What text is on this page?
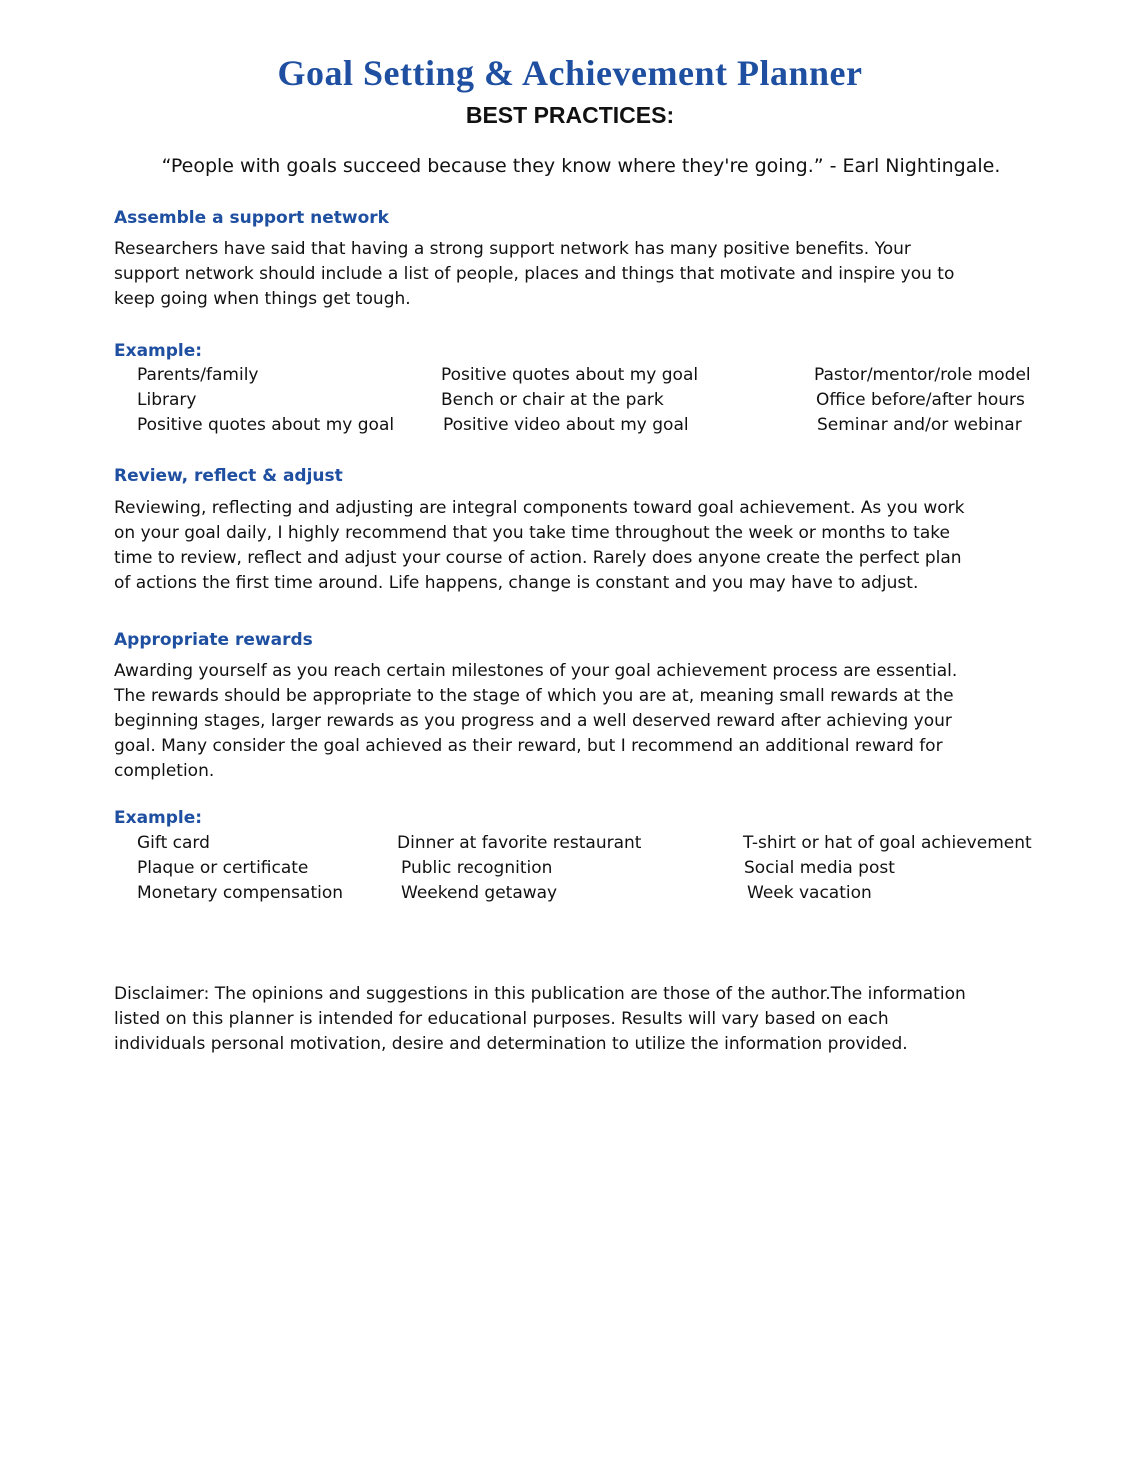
Goal Setting & Achievement Planner
BEST PRACTICES:
“People with goals succeed because they know where they're going.” - Earl Nightingale.
Assemble a support network
Researchers have said that having a strong support network has many positive benefits. Your
support network should include a list of people, places and things that motivate and inspire you to
keep going when things get tough.
Example:
Parents/family	Positive quotes about my goal	Pastor/mentor/role model
Library	Bench or chair at the park	Office before/after hours
Positive quotes about my goal	Positive video about my goal	Seminar and/or webinar
Review, reflect & adjust
Reviewing, reflecting and adjusting are integral components toward goal achievement. As you work
on your goal daily, I highly recommend that you take time throughout the week or months to take
time to review, reflect and adjust your course of action. Rarely does anyone create the perfect plan
of actions the first time around. Life happens, change is constant and you may have to adjust.
Appropriate rewards
Awarding yourself as you reach certain milestones of your goal achievement process are essential.
The rewards should be appropriate to the stage of which you are at, meaning small rewards at the
beginning stages, larger rewards as you progress and a well deserved reward after achieving your
goal. Many consider the goal achieved as their reward, but I recommend an additional reward for
completion.
Example:
Gift card	Dinner at favorite restaurant	T-shirt or hat of goal achievement
Plaque or certificate	Public recognition	Social media post
Monetary compensation	Weekend getaway	Week vacation
Disclaimer: The opinions and suggestions in this publication are those of the author.The information
listed on this planner is intended for educational purposes. Results will vary based on each
individuals personal motivation, desire and determination to utilize the information provided.
